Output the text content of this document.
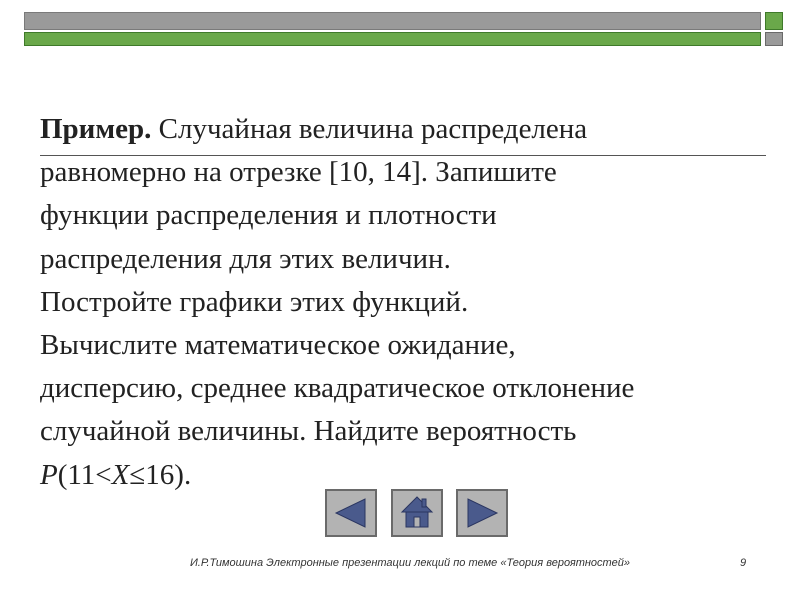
Пример. Случайная величина распределена
равномерно на отрезке [10, 14]. Запишите
функции распределения и плотности
распределения для этих величин.
Постройте графики этих функций.
Вычислите математическое ожидание,
дисперсию, среднее квадратическое отклонение
случайной величины. Найдите вероятность
P(11<X≤16).

И.Р.Тимошина Электронные презентации лекций по теме «Теория вероятностей»	9
